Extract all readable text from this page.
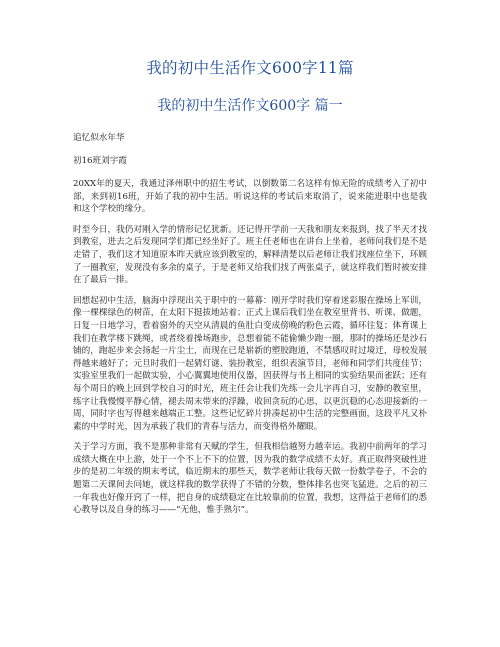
我的初中生活作文600字11篇
我的初中生活作文600字 篇一

追忆似水年华

初16班刘宇霞

20XX年的夏天，我通过泽州职中的招生考试，以倒数第二名这样有惊无险的成绩考入了初中部，来到初16班，开始了我的初中生活。听说这样的考试后来取消了，说来能进职中也是我和这个学校的缘分。

时至今日，我仍对刚入学的情形记忆犹新。还记得开学前一天我和朋友来报到，找了半天才找到教室，进去之后发现同学们都已经坐好了。班主任老师也在讲台上坐着，老师问我们是不是走错了，我们这才知道原本昨天就应该到教室的，解释清楚以后老师让我们找座位坐下，环顾了一圈教室，发现没有多余的桌子，于是老师又给我们找了两张桌子，就这样我们暂时被安排在了最后一排。

回想起初中生活，脑海中浮现出关于职中的一幕幕：刚开学时我们穿着迷彩服在操场上军训，像一棵棵绿色的树苗，在太阳下挺拔地站着；正式上课后我们坐在教室里背书、听课、做题，日复一日地学习，看着窗外的天空从清晨的鱼肚白变成傍晚的粉色云霞，循环往复；体育课上我们在教学楼下跳绳，或者绕着操场跑步，总想着能不能偷懒少跑一圈，那时的操场还是沙石铺的，跑起步来会扬起一片尘土，而现在已是崭新的塑胶跑道，不禁感叹时过境迁，母校发展得越来越好了；元旦时我们一起猜灯谜、装扮教室，组织表演节目，老师和同学们共度佳节；实验室里我们一起做实验，小心翼翼地使用仪器，因获得与书上相同的实验结果而雀跃；还有每个周日的晚上回到学校自习的时光，班主任会让我们先练一会儿字再自习，安静的教室里，练字让我慢慢平静心情，褪去周末带来的浮躁，收回贪玩的心思，以更沉稳的心态迎接新的一周，同时字也写得越来越端正工整。这些记忆碎片拼凑起初中生活的完整画面，这段平凡又朴素的中学时光，因为承载了我们的青春与活力，而变得格外耀眼。

关于学习方面，我不是那种非常有天赋的学生，但我相信越努力越幸运。我初中前两年的学习成绩大概在中上游，处于一个不上不下的位置，因为我的数学成绩不太好。真正取得突破性进步的是初二年级的期末考试，临近期末的那些天，数学老师让我每天做一份数学卷子，不会的题第二天课间去问她，就这样我的数学获得了不错的分数，整体排名也突飞猛进。之后的初三一年我也好像开窍了一样，把自身的成绩稳定在比较靠前的位置，我想，这得益于老师们的悉心教导以及自身的练习——“无他，惟手熟尔”。
